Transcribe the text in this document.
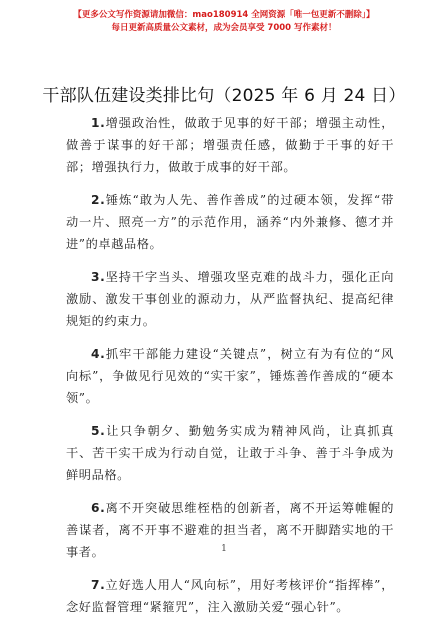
【更多公文写作资源请加微信：mao180914 全网资源「唯一包更新不删除」】
每日更新高质量公文素材，成为会员享受 7000 写作素材！
干部队伍建设类排比句（2025 年 6 月 24 日）

1.增强政治性，做敢于见事的好干部；增强主动性，做善于谋事的好干部；增强责任感，做勤于干事的好干部；增强执行力，做敢于成事的好干部。

2.锤炼“敢为人先、善作善成”的过硬本领，发挥“带动一片、照亮一方”的示范作用，涵养“内外兼修、德才并进”的卓越品格。

3.坚持干字当头、增强攻坚克难的战斗力，强化正向激励、激发干事创业的源动力，从严监督执纪、提高纪律规矩的约束力。

4.抓牢干部能力建设“关键点”，树立有为有位的“风向标”，争做见行见效的“实干家”，锤炼善作善成的“硬本领”。

5.让只争朝夕、勤勉务实成为精神风尚，让真抓真干、苦干实干成为行动自觉，让敢于斗争、善于斗争成为鲜明品格。

6.离不开突破思维桎梏的创新者，离不开运筹帷幄的善谋者，离不开事不避难的担当者，离不开脚踏实地的干事者。

7.立好选人用人“风向标”，用好考核评价“指挥棒”，念好监督管理“紧箍咒”，注入激励关爱“强心针”。

1
